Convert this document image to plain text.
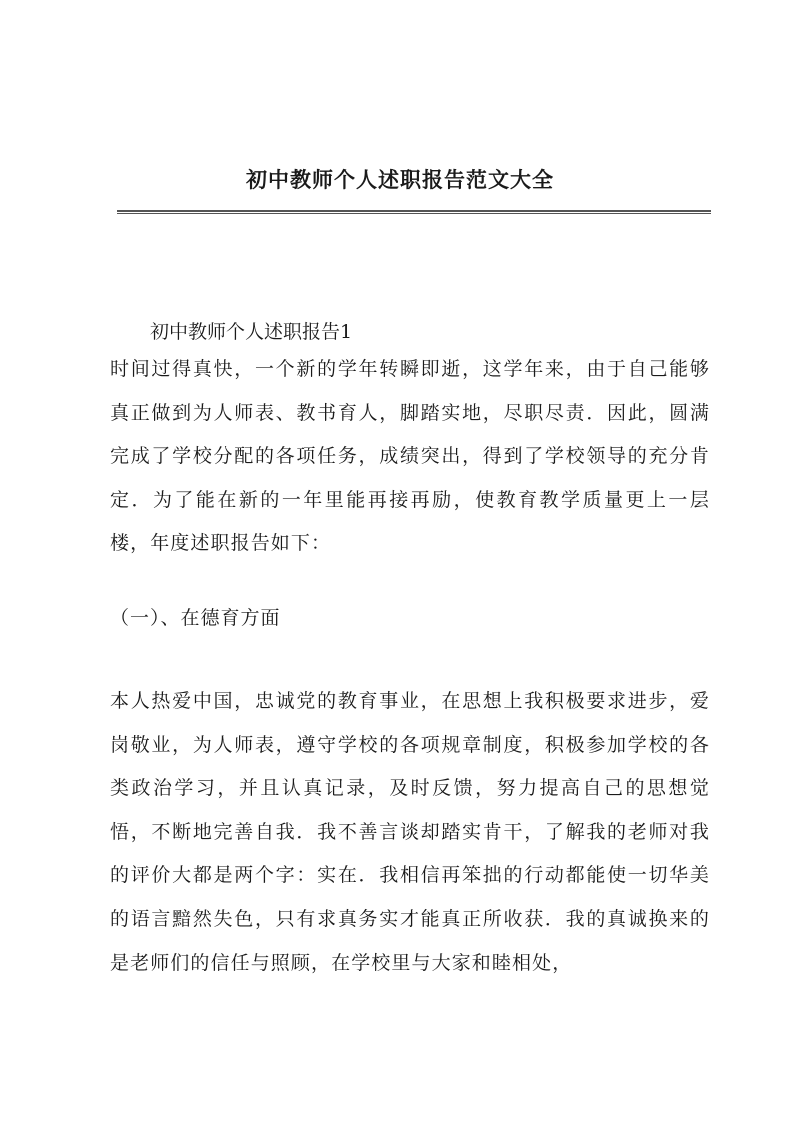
初中教师个人述职报告范文大全
初中教师个人述职报告1

时间过得真快，一个新的学年转瞬即逝，这学年来，由于自己能够真正做到为人师表、教书育人，脚踏实地，尽职尽责．因此，圆满完成了学校分配的各项任务，成绩突出，得到了学校领导的充分肯定．为了能在新的一年里能再接再励，使教育教学质量更上一层楼，年度述职报告如下：

（一）、在德育方面

本人热爱中国，忠诚党的教育事业，在思想上我积极要求进步，爱岗敬业，为人师表，遵守学校的各项规章制度，积极参加学校的各类政治学习，并且认真记录，及时反馈，努力提高自己的思想觉悟，不断地完善自我．我不善言谈却踏实肯干，了解我的老师对我的评价大都是两个字：实在．我相信再笨拙的行动都能使一切华美的语言黯然失色，只有求真务实才能真正所收获．我的真诚换来的是老师们的信任与照顾，在学校里与大家和睦相处，
